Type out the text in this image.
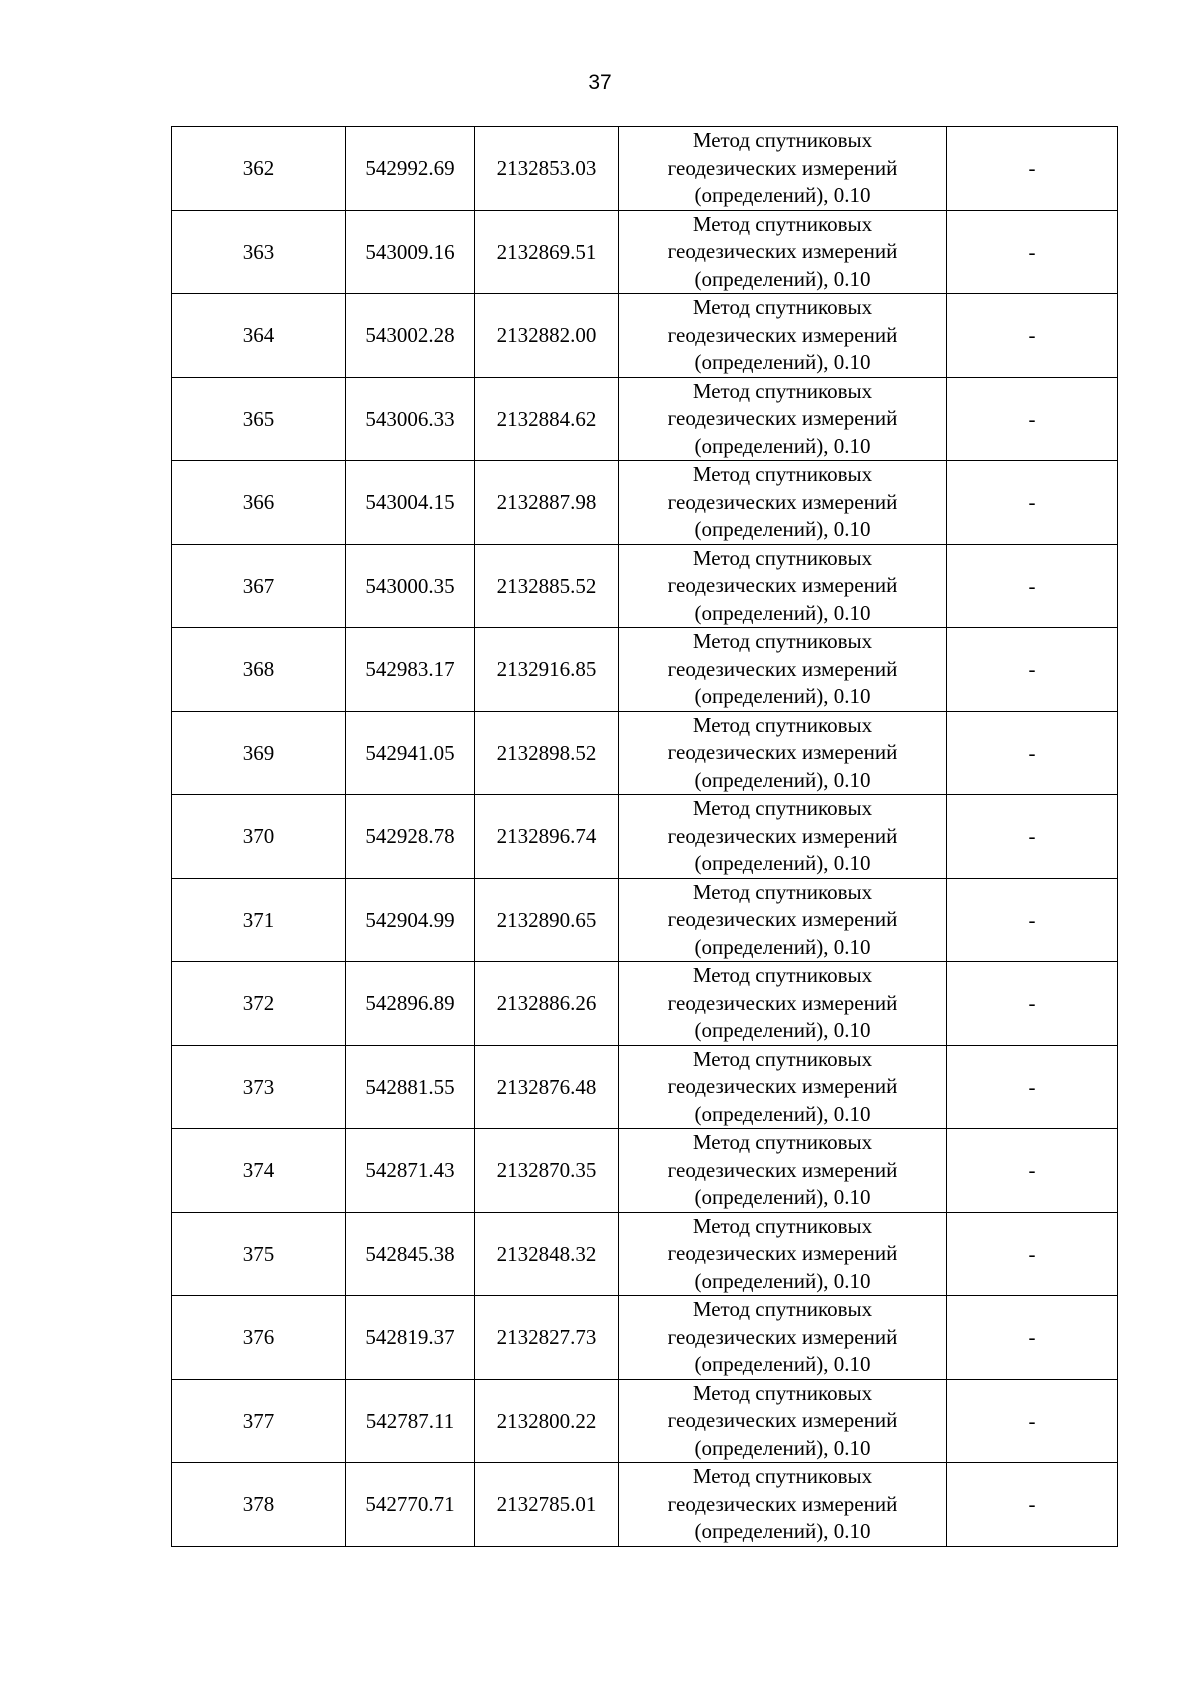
37
362	542992.69	2132853.03	Метод спутниковых
геодезических измерений
(определений), 0.10	-
363	543009.16	2132869.51	Метод спутниковых
геодезических измерений
(определений), 0.10	-
364	543002.28	2132882.00	Метод спутниковых
геодезических измерений
(определений), 0.10	-
365	543006.33	2132884.62	Метод спутниковых
геодезических измерений
(определений), 0.10	-
366	543004.15	2132887.98	Метод спутниковых
геодезических измерений
(определений), 0.10	-
367	543000.35	2132885.52	Метод спутниковых
геодезических измерений
(определений), 0.10	-
368	542983.17	2132916.85	Метод спутниковых
геодезических измерений
(определений), 0.10	-
369	542941.05	2132898.52	Метод спутниковых
геодезических измерений
(определений), 0.10	-
370	542928.78	2132896.74	Метод спутниковых
геодезических измерений
(определений), 0.10	-
371	542904.99	2132890.65	Метод спутниковых
геодезических измерений
(определений), 0.10	-
372	542896.89	2132886.26	Метод спутниковых
геодезических измерений
(определений), 0.10	-
373	542881.55	2132876.48	Метод спутниковых
геодезических измерений
(определений), 0.10	-
374	542871.43	2132870.35	Метод спутниковых
геодезических измерений
(определений), 0.10	-
375	542845.38	2132848.32	Метод спутниковых
геодезических измерений
(определений), 0.10	-
376	542819.37	2132827.73	Метод спутниковых
геодезических измерений
(определений), 0.10	-
377	542787.11	2132800.22	Метод спутниковых
геодезических измерений
(определений), 0.10	-
378	542770.71	2132785.01	Метод спутниковых
геодезических измерений
(определений), 0.10	-
